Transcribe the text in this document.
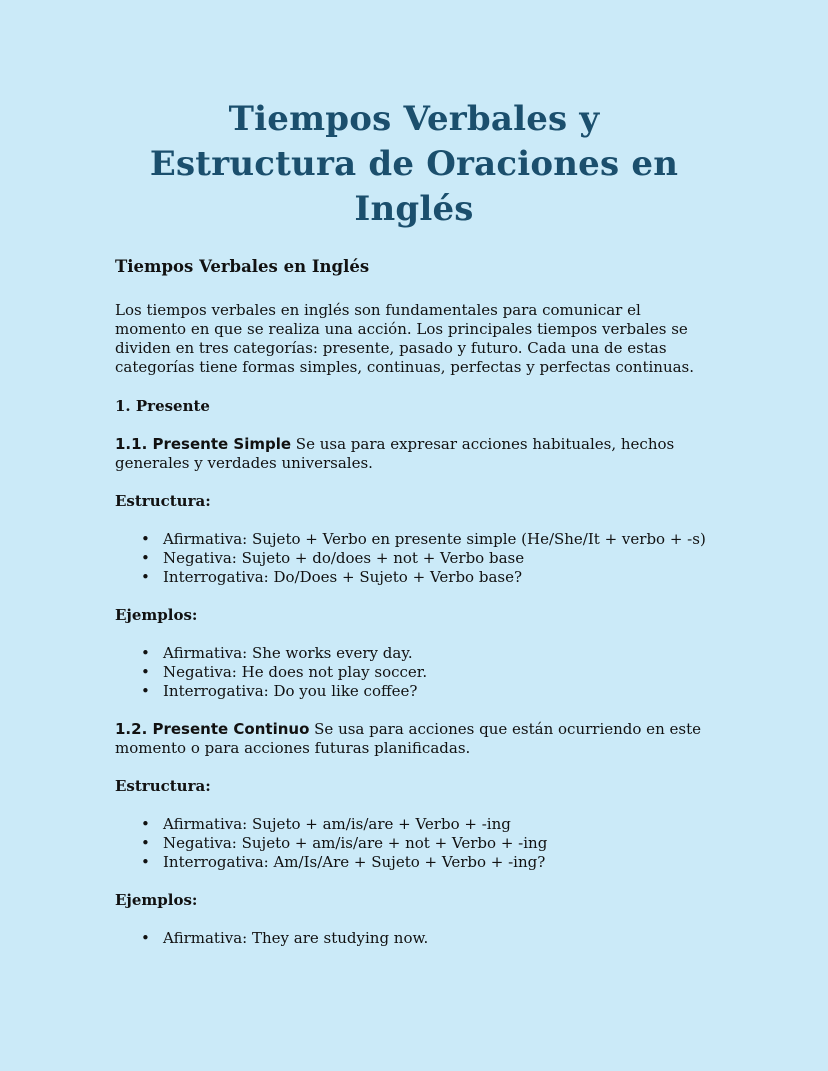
Tiempos Verbales y
Estructura de Oraciones en
Inglés
Tiempos Verbales en Inglés

Los tiempos verbales en inglés son fundamentales para comunicar el momento en que se realiza una acción. Los principales tiempos verbales se dividen en tres categorías: presente, pasado y futuro. Cada una de estas categorías tiene formas simples, continuas, perfectas y perfectas continuas.

1. Presente

1.1. Presente Simple Se usa para expresar acciones habituales, hechos generales y verdades universales.

Estructura:

• Afirmativa: Sujeto + Verbo en presente simple (He/She/It + verbo + -s)
• Negativa: Sujeto + do/does + not + Verbo base
• Interrogativa: Do/Does + Sujeto + Verbo base?

Ejemplos:

• Afirmativa: She works every day.
• Negativa: He does not play soccer.
• Interrogativa: Do you like coffee?

1.2. Presente Continuo Se usa para acciones que están ocurriendo en este momento o para acciones futuras planificadas.

Estructura:

• Afirmativa: Sujeto + am/is/are + Verbo + -ing
• Negativa: Sujeto + am/is/are + not + Verbo + -ing
• Interrogativa: Am/Is/Are + Sujeto + Verbo + -ing?

Ejemplos:

• Afirmativa: They are studying now.
